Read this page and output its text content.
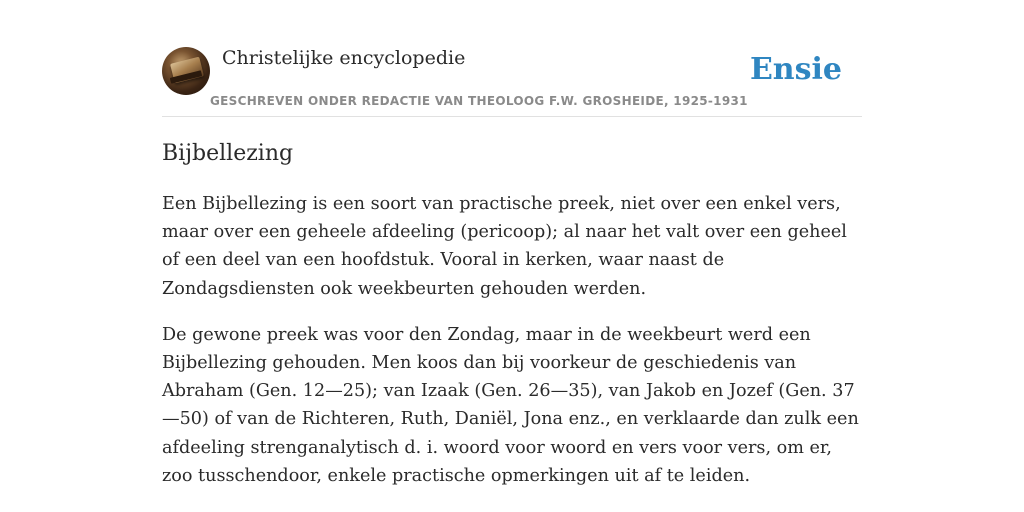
Christelijke encyclopedie
GESCHREVEN ONDER REDACTIE VAN THEOLOOG F.W. GROSHEIDE, 1925-1931
Ensie
Bijbellezing

Een Bijbellezing is een soort van practische preek, niet over een enkel vers, maar over een geheele afdeeling (pericoop); al naar het valt over een geheel of een deel van een hoofdstuk. Vooral in kerken, waar naast de Zondagsdiensten ook weekbeurten gehouden werden.

De gewone preek was voor den Zondag, maar in de weekbeurt werd een Bijbellezing gehouden. Men koos dan bij voorkeur de geschiedenis van Abraham (Gen. 12—25); van Izaak (Gen. 26—35), van Jakob en Jozef (Gen. 37—50) of van de Richteren, Ruth, Daniël, Jona enz., en verklaarde dan zulk een afdeeling strenganalytisch d. i. woord voor woord en vers voor vers, om er, zoo tusschendoor, enkele practische opmerkingen uit af te leiden.
